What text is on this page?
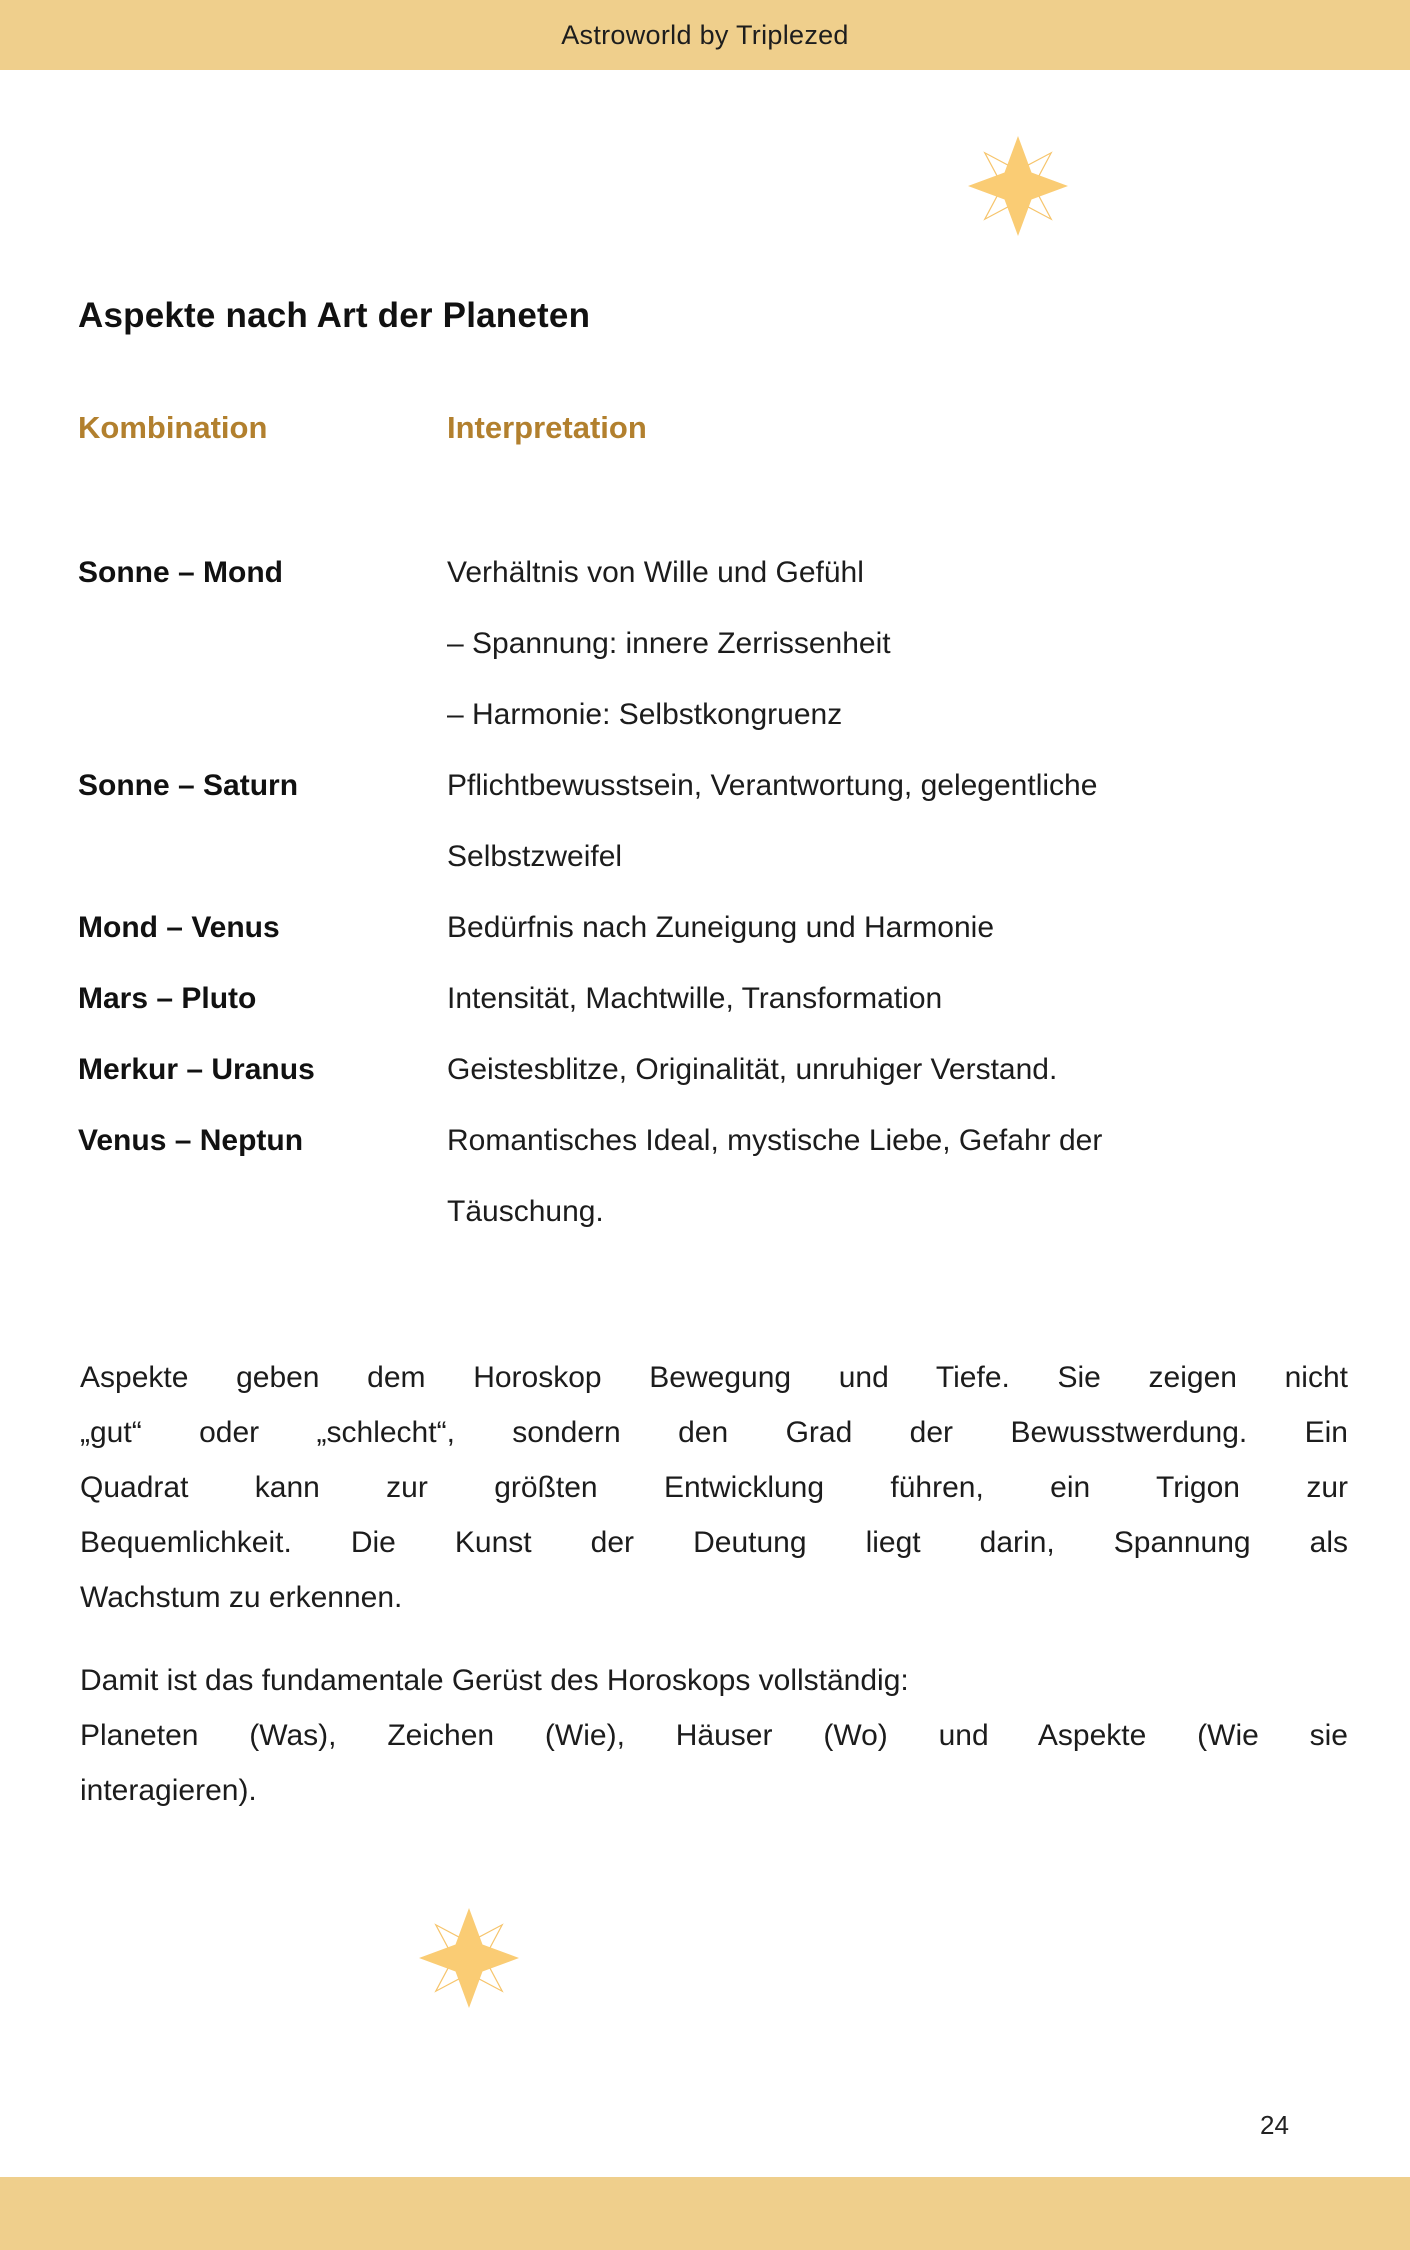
Astroworld by Triplezed
Aspekte nach Art der Planeten
Kombination	Interpretation
Sonne – Mond	Verhältnis von Wille und Gefühl
– Spannung: innere Zerrissenheit
– Harmonie: Selbstkongruenz
Sonne – Saturn	Pflichtbewusstsein, Verantwortung, gelegentliche
Selbstzweifel
Mond – Venus	Bedürfnis nach Zuneigung und Harmonie
Mars – Pluto	Intensität, Machtwille, Transformation
Merkur – Uranus	Geistesblitze, Originalität, unruhiger Verstand.
Venus – Neptun	Romantisches Ideal, mystische Liebe, Gefahr der
Täuschung.
Aspekte geben dem Horoskop Bewegung und Tiefe. Sie zeigen nicht
„gut“ oder „schlecht“, sondern den Grad der Bewusstwerdung. Ein
Quadrat kann zur größten Entwicklung führen, ein Trigon zur
Bequemlichkeit. Die Kunst der Deutung liegt darin, Spannung als
Wachstum zu erkennen.
Damit ist das fundamentale Gerüst des Horoskops vollständig:
Planeten (Was), Zeichen (Wie), Häuser (Wo) und Aspekte (Wie sie
interagieren).
24
